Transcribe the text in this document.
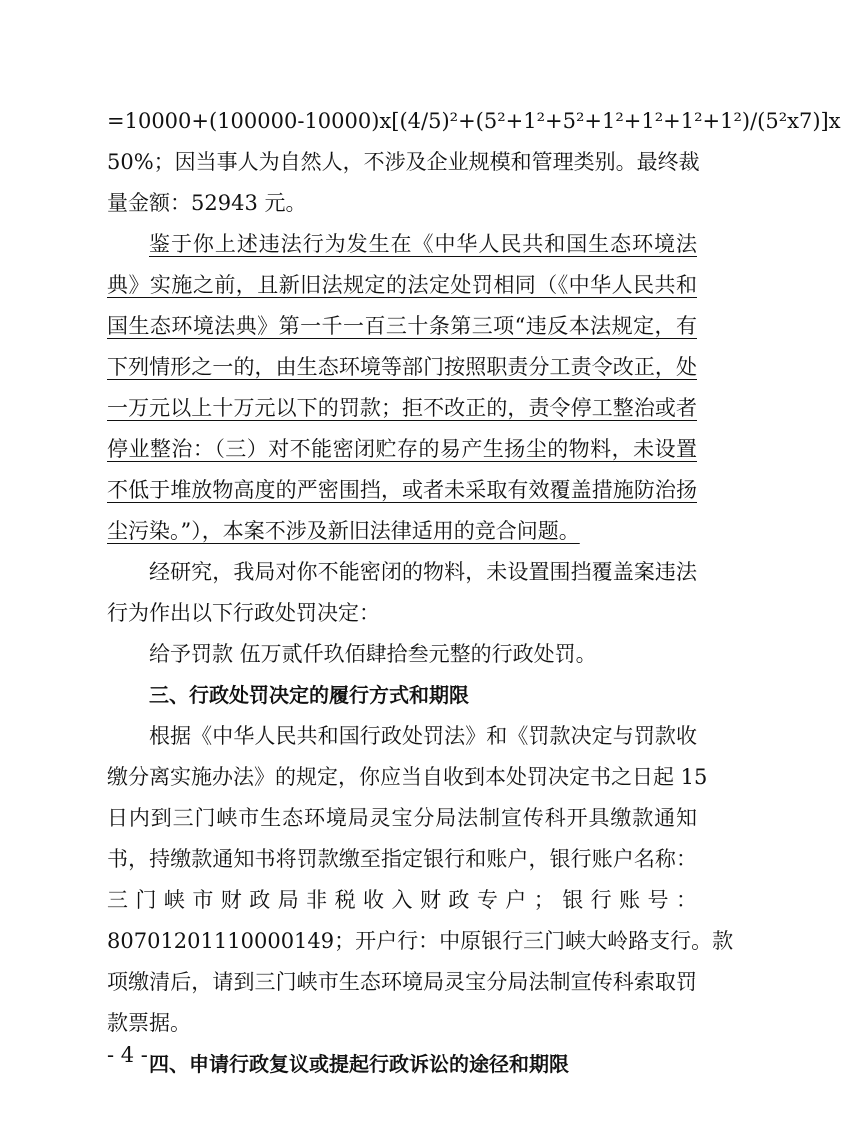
=10000+(100000-10000)x[(4/5)²+(5²+1²+5²+1²+1²+1²+1²)/(5²x7)]x
50%；因当事人为自然人，不涉及企业规模和管理类别。最终裁
量金额：52943 元。
鉴于你上述违法行为发生在《中华人民共和国生态环境法
典》实施之前，且新旧法规定的法定处罚相同（《中华人民共和
国生态环境法典》第一千一百三十条第三项“违反本法规定，有
下列情形之一的，由生态环境等部门按照职责分工责令改正，处
一万元以上十万元以下的罚款；拒不改正的，责令停工整治或者
停业整治：（三）对不能密闭贮存的易产生扬尘的物料，未设置
不低于堆放物高度的严密围挡，或者未采取有效覆盖措施防治扬
尘污染。”），本案不涉及新旧法律适用的竞合问题。
经研究，我局对你不能密闭的物料，未设置围挡覆盖案违法
行为作出以下行政处罚决定：
给予罚款 伍万贰仟玖佰肆拾叁元整的行政处罚。
三、行政处罚决定的履行方式和期限
根据《中华人民共和国行政处罚法》和《罚款决定与罚款收
缴分离实施办法》的规定，你应当自收到本处罚决定书之日起 15
日内到三门峡市生态环境局灵宝分局法制宣传科开具缴款通知
书，持缴款通知书将罚款缴至指定银行和账户，银行账户名称：
三门峡市财政局非税收入财政专户；银行账号：
80701201110000149；开户行：中原银行三门峡大岭路支行。款
项缴清后，请到三门峡市生态环境局灵宝分局法制宣传科索取罚
款票据。
四、申请行政复议或提起行政诉讼的途径和期限
- 4 -
